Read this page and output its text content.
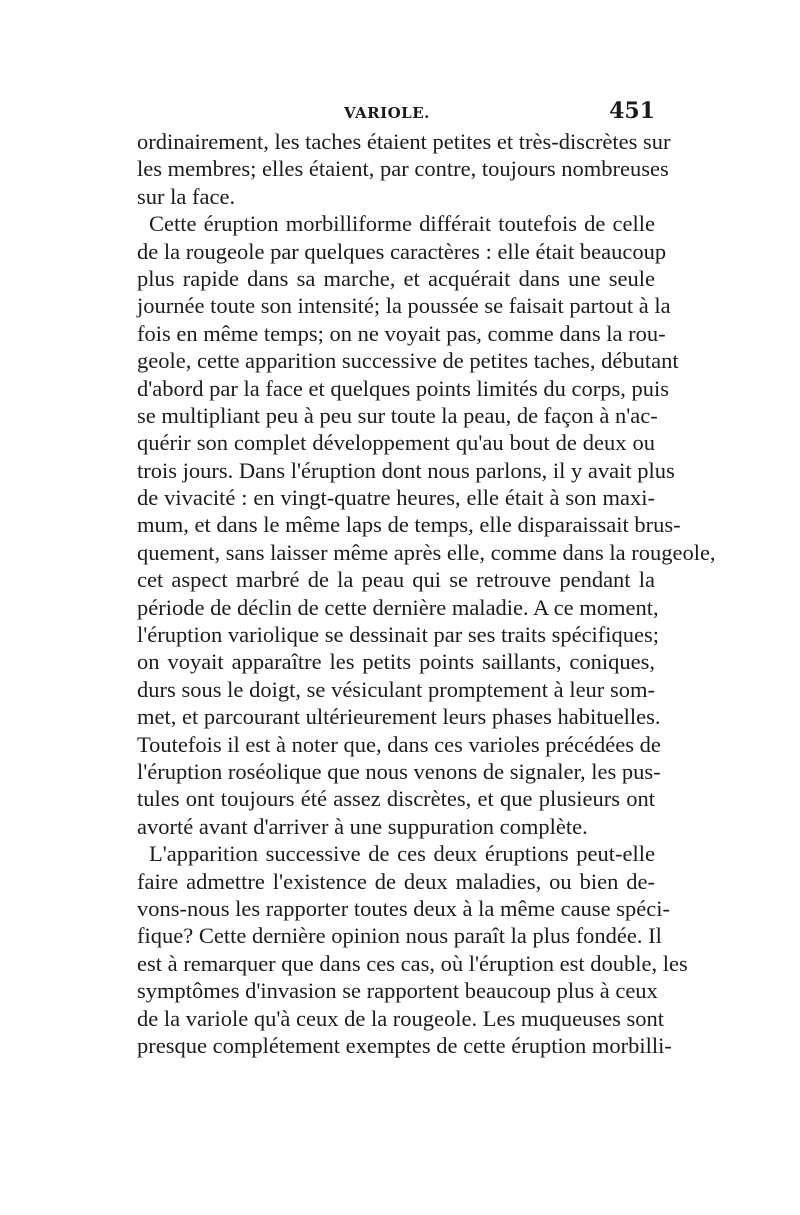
VARIOLE.	451
ordinairement, les taches étaient petites et très-discrètes sur
les membres; elles étaient, par contre, toujours nombreuses
sur la face.
Cette éruption morbilliforme différait toutefois de celle
de la rougeole par quelques caractères : elle était beaucoup
plus rapide dans sa marche, et acquérait dans une seule
journée toute son intensité; la poussée se faisait partout à la
fois en même temps; on ne voyait pas, comme dans la rou-
geole, cette apparition successive de petites taches, débutant
d'abord par la face et quelques points limités du corps, puis
se multipliant peu à peu sur toute la peau, de façon à n'ac-
quérir son complet développement qu'au bout de deux ou
trois jours. Dans l'éruption dont nous parlons, il y avait plus
de vivacité : en vingt-quatre heures, elle était à son maxi-
mum, et dans le même laps de temps, elle disparaissait brus-
quement, sans laisser même après elle, comme dans la rougeole,
cet aspect marbré de la peau qui se retrouve pendant la
période de déclin de cette dernière maladie. A ce moment,
l'éruption variolique se dessinait par ses traits spécifiques;
on voyait apparaître les petits points saillants, coniques,
durs sous le doigt, se vésiculant promptement à leur som-
met, et parcourant ultérieurement leurs phases habituelles.
Toutefois il est à noter que, dans ces varioles précédées de
l'éruption roséolique que nous venons de signaler, les pus-
tules ont toujours été assez discrètes, et que plusieurs ont
avorté avant d'arriver à une suppuration complète.
L'apparition successive de ces deux éruptions peut-elle
faire admettre l'existence de deux maladies, ou bien de-
vons-nous les rapporter toutes deux à la même cause spéci-
fique? Cette dernière opinion nous paraît la plus fondée. Il
est à remarquer que dans ces cas, où l'éruption est double, les
symptômes d'invasion se rapportent beaucoup plus à ceux
de la variole qu'à ceux de la rougeole. Les muqueuses sont
presque complétement exemptes de cette éruption morbilli-
